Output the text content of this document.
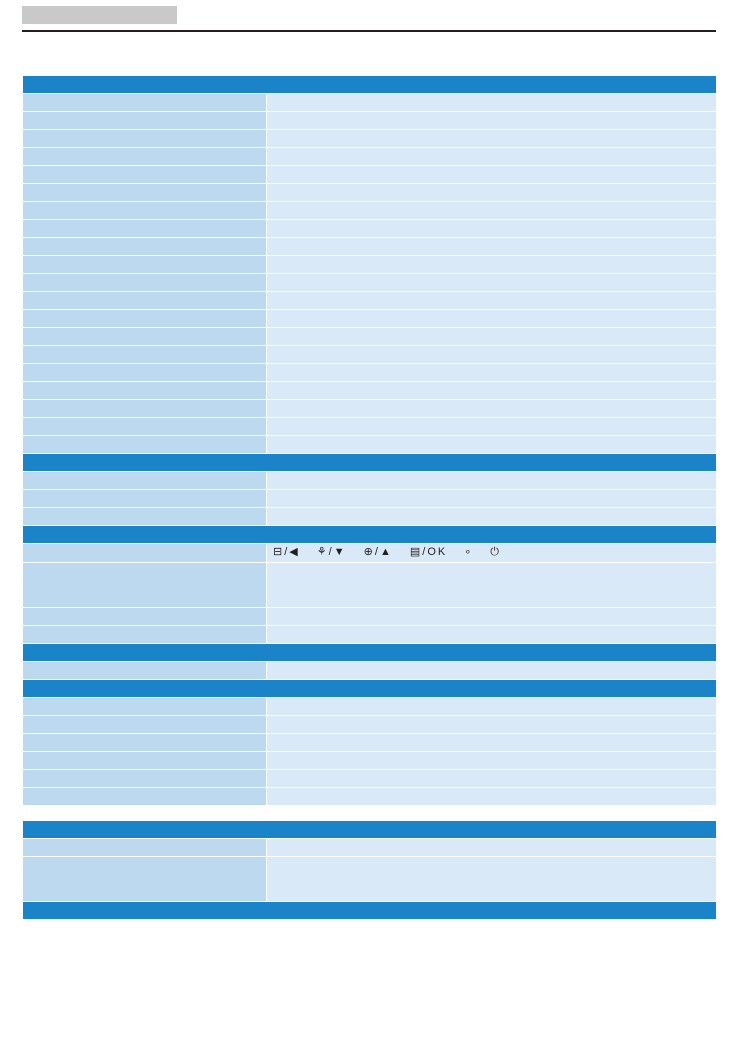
	⊟/◀ ⚘/▼ ⊕/▲ ▤/OK ∘ ⏻
